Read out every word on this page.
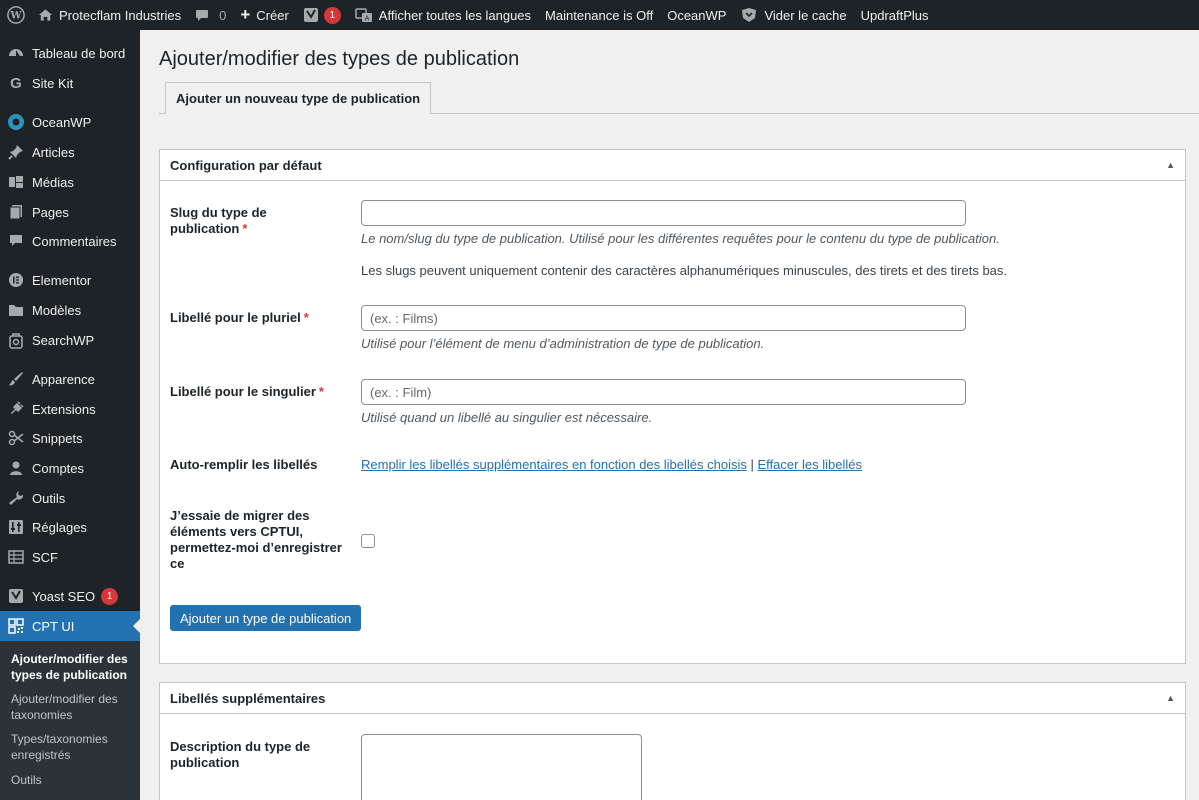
W	Protecflam Industries	0 + Créer	1	A Afficher toutes les langues Maintenance is Off OceanWP	Vider le cache UpdraftPlus
Tableau de bord
G Site Kit
OceanWP
Articles
Médias
Pages
Commentaires
Elementor
Modèles
SearchWP
Apparence
Extensions
Snippets
Comptes
Outils
Réglages
SCF
Yoast SEO	1
CPT UI
Ajouter/modifier des types de publication
Ajouter/modifier des taxonomies
Types/taxonomies enregistrés
Outils
Ajouter/modifier des types de publication
Ajouter un nouveau type de publication
Configuration par défaut	▲
Slug du type de publication *
Le nom/slug du type de publication. Utilisé pour les différentes requêtes pour le contenu du type de publication.
Les slugs peuvent uniquement contenir des caractères alphanumériques minuscules, des tirets et des tirets bas.
Libellé pour le pluriel *
(ex. : Films)
Utilisé pour l’élément de menu d’administration de type de publication.
Libellé pour le singulier *
(ex. : Film)
Utilisé quand un libellé au singulier est nécessaire.
Auto-remplir les libellés	Remplir les libellés supplémentaires en fonction des libellés choisis | Effacer les libellés
J’essaie de migrer des éléments vers CPTUI, permettez-moi d’enregistrer ce
Ajouter un type de publication
Libellés supplémentaires	▲
Description du type de publication
